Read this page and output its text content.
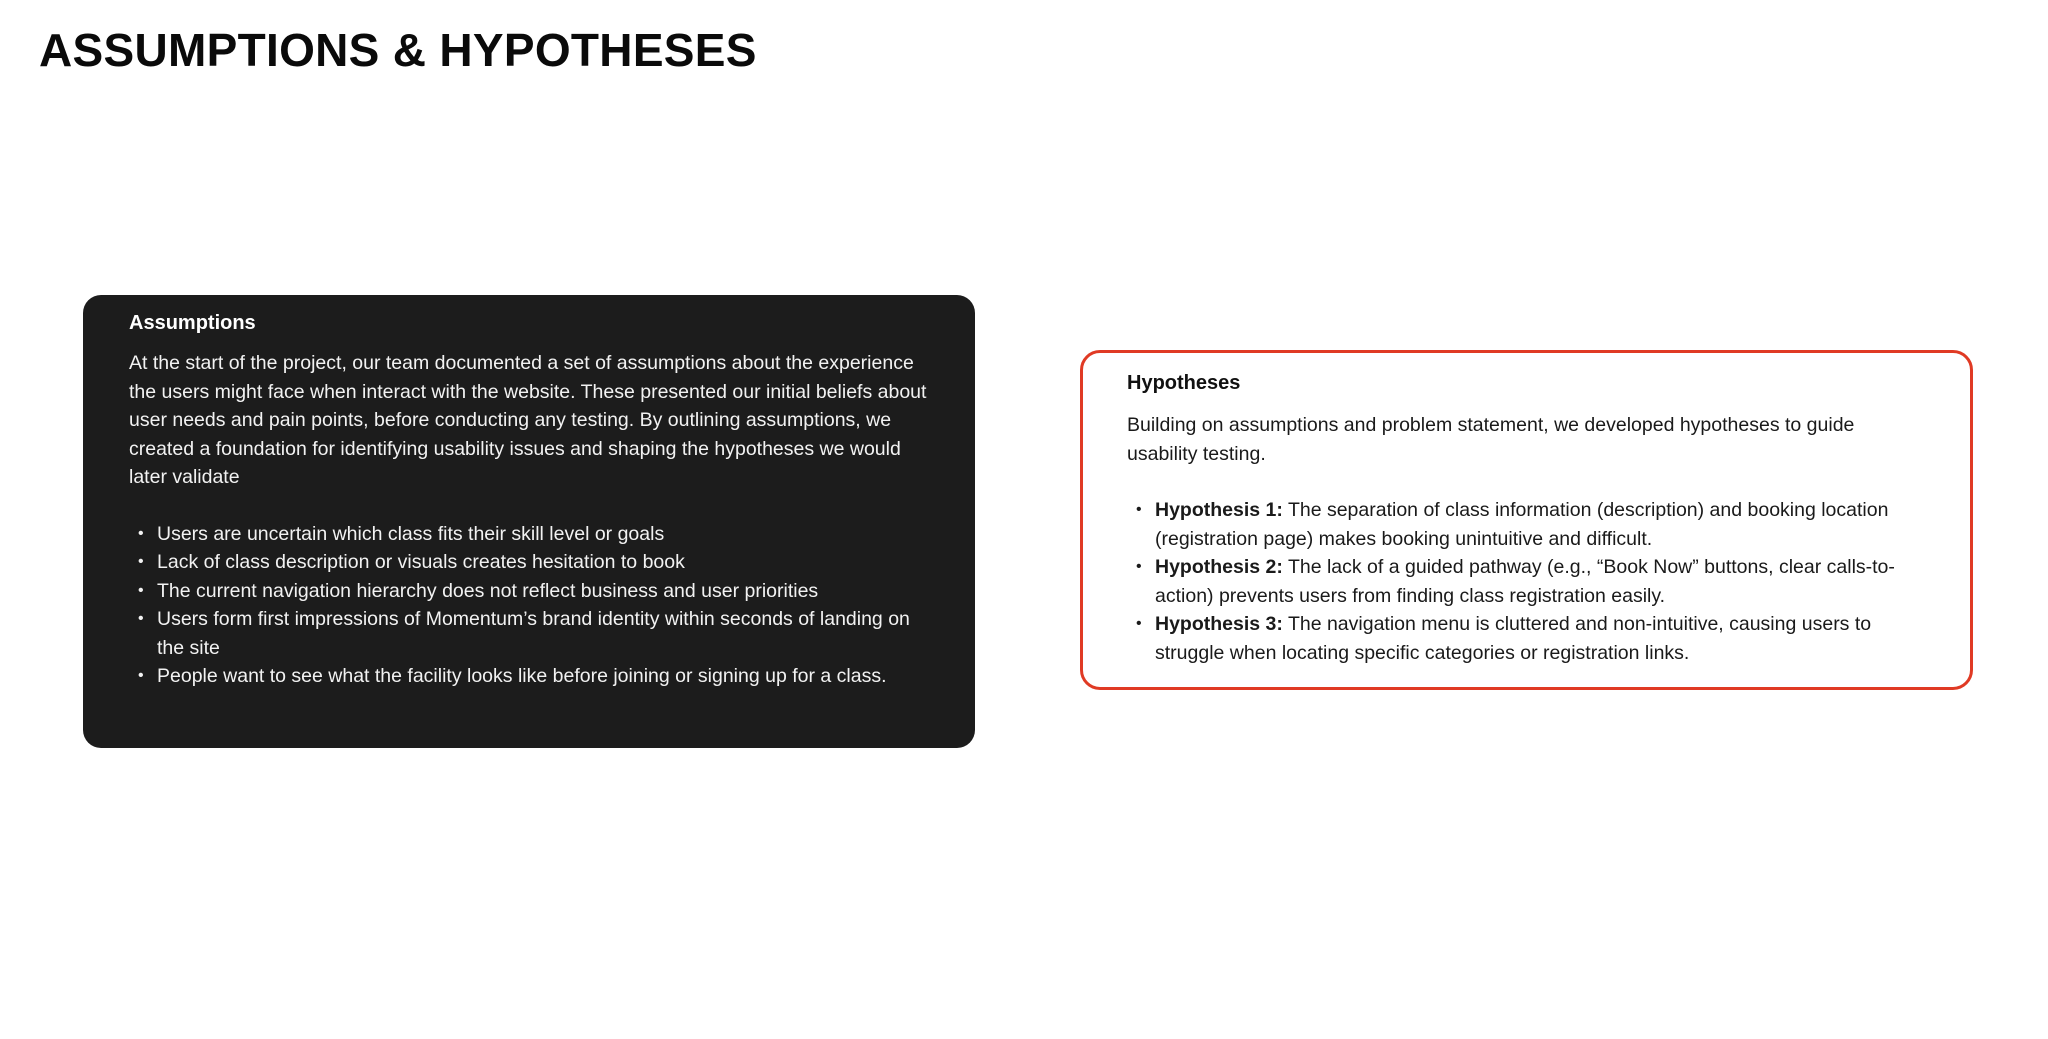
ASSUMPTIONS & HYPOTHESES
Assumptions

At the start of the project, our team documented a set of assumptions about the experience the users might face when interact with the website. These presented our initial beliefs about user needs and pain points, before conducting any testing. By outlining assumptions, we created a foundation for identifying usability issues and shaping the hypotheses we would later validate

• Users are uncertain which class fits their skill level or goals
• Lack of class description or visuals creates hesitation to book
• The current navigation hierarchy does not reflect business and user priorities
• Users form first impressions of Momentum’s brand identity within seconds of landing on the site
• People want to see what the facility looks like before joining or signing up for a class.
Hypotheses

Building on assumptions and problem statement, we developed hypotheses to guide usability testing.

• Hypothesis 1: The separation of class information (description) and booking location (registration page) makes booking unintuitive and difficult.
• Hypothesis 2: The lack of a guided pathway (e.g., “Book Now” buttons, clear calls-to-action) prevents users from finding class registration easily.
• Hypothesis 3: The navigation menu is cluttered and non-intuitive, causing users to struggle when locating specific categories or registration links.
